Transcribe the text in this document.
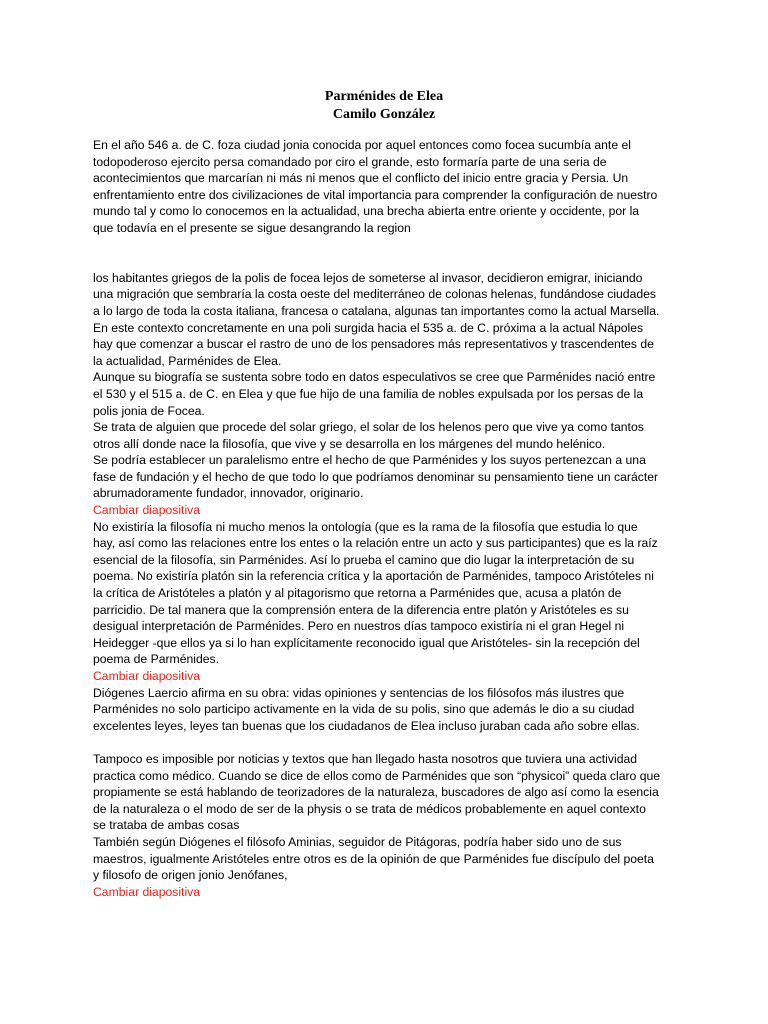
Parménides de Elea
Camilo González

En el año 546 a. de C. foza ciudad jonia conocida por aquel entonces como focea sucumbía ante el todopoderoso ejercito persa comandado por ciro el grande, esto formaría parte de una seria de acontecimientos que marcarían ni más ni menos que el conflicto del inicio entre gracia y Persia. Un enfrentamiento entre dos civilizaciones de vital importancia para comprender la configuración de nuestro mundo tal y como lo conocemos en la actualidad, una brecha abierta entre oriente y occidente, por la que todavía en el presente se sigue desangrando la region

los habitantes griegos de la polis de focea lejos de someterse al invasor, decidieron emigrar, iniciando una migración que sembraría la costa oeste del mediterráneo de colonas helenas, fundándose ciudades a lo largo de toda la costa italiana, francesa o catalana, algunas tan importantes como la actual Marsella. En este contexto concretamente en una poli surgida hacia el 535 a. de C. próxima a la actual Nápoles hay que comenzar a buscar el rastro de uno de los pensadores más representativos y trascendentes de la actualidad, Parménides de Elea.

Aunque su biografía se sustenta sobre todo en datos especulativos se cree que Parménides nació entre el 530 y el 515 a. de C. en Elea y que fue hijo de una familia de nobles expulsada por los persas de la polis jonia de Focea.

Se trata de alguien que procede del solar griego, el solar de los helenos pero que vive ya como tantos otros allí donde nace la filosofía, que vive y se desarrolla en los márgenes del mundo helénico.

Se podría establecer un paralelismo entre el hecho de que Parménides y los suyos pertenezcan a una fase de fundación y el hecho de que todo lo que podríamos denominar su pensamiento tiene un carácter abrumadoramente fundador, innovador, originario.

Cambiar diapositiva

No existiría la filosofía ni mucho menos la ontología (que es la rama de la filosofía que estudia lo que hay, así como las relaciones entre los entes o la relación entre un acto y sus participantes) que es la raíz esencial de la filosofía, sin Parménides. Así lo prueba el camino que dio lugar la interpretación de su poema. No existiría platón sin la referencia crítica y la aportación de Parménides, tampoco Aristóteles ni la crítica de Aristóteles a platón y al pitagorismo que retorna a Parménides que, acusa a platón de parricidio. De tal manera que la comprensión entera de la diferencia entre platón y Aristóteles es su desigual interpretación de Parménides. Pero en nuestros días tampoco existiría ni el gran Hegel ni Heidegger -que ellos ya si lo han explícitamente reconocido igual que Aristóteles- sin la recepción del poema de Parménides.

Cambiar diapositiva

Diógenes Laercio afirma en su obra: vidas opiniones y sentencias de los filósofos más ilustres que Parménides no solo participo activamente en la vida de su polis, sino que además le dio a su ciudad excelentes leyes, leyes tan buenas que los ciudadanos de Elea incluso juraban cada año sobre ellas.

Tampoco es imposible por noticias y textos que han llegado hasta nosotros que tuviera una actividad practica como médico. Cuando se dice de ellos como de Parménides que son “physicoi” queda claro que propiamente se está hablando de teorizadores de la naturaleza, buscadores de algo así como la esencia de la naturaleza o el modo de ser de la physis o se trata de médicos probablemente en aquel contexto se trataba de ambas cosas

También según Diógenes el filósofo Aminias, seguidor de Pitágoras, podría haber sido uno de sus maestros, igualmente Aristóteles entre otros es de la opinión de que Parménides fue discípulo del poeta y filosofo de origen jonio Jenófanes,

Cambiar diapositiva
